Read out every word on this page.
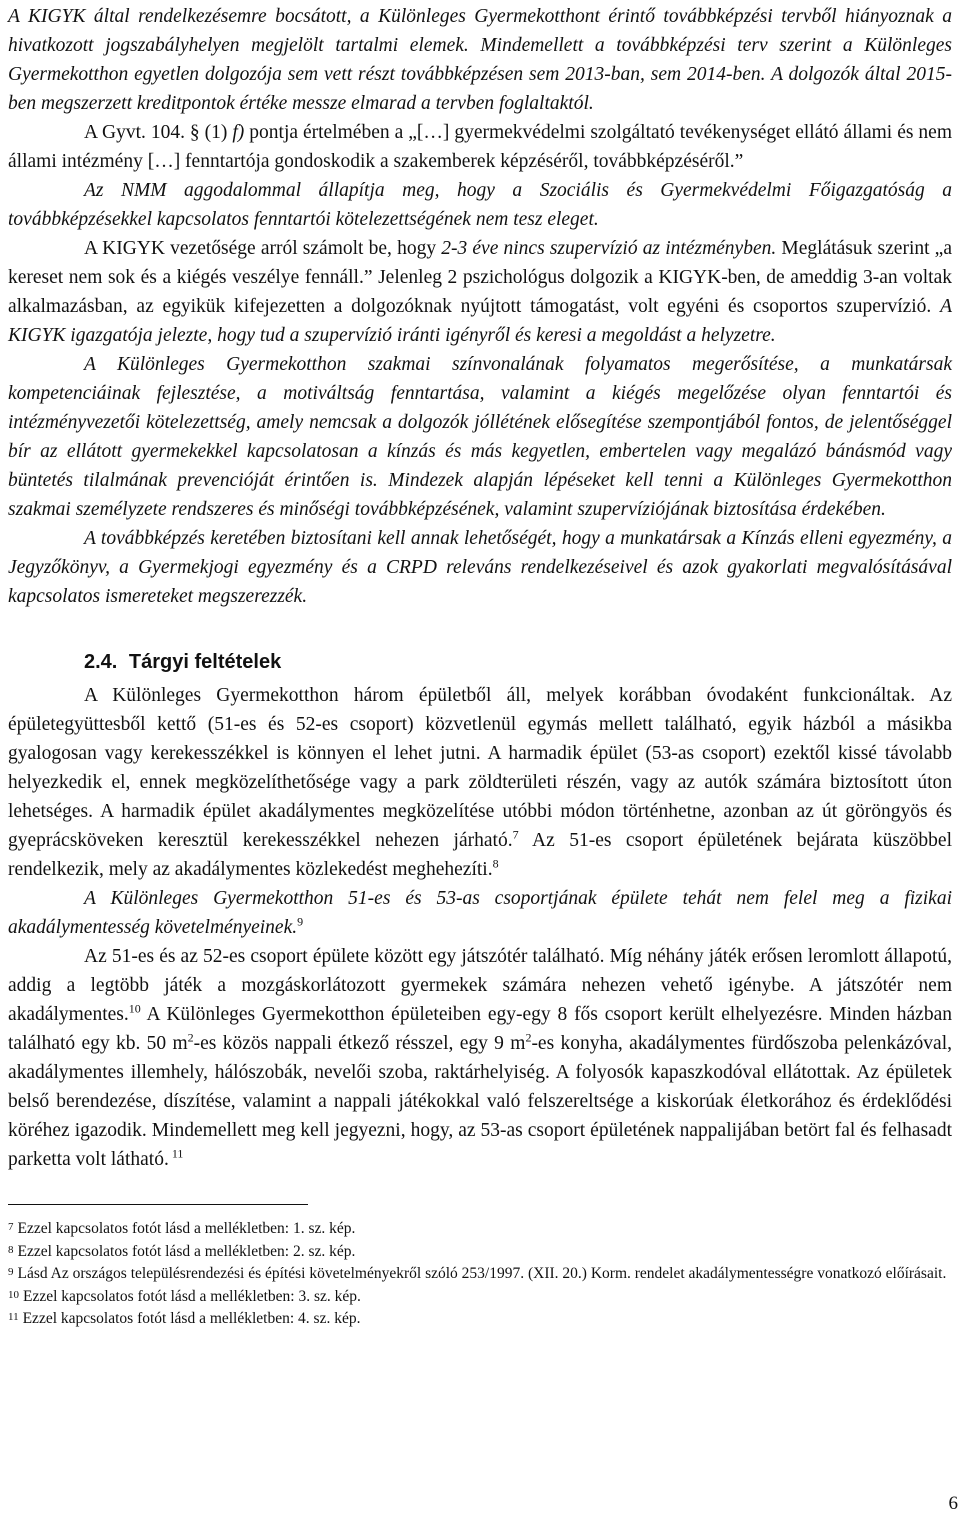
A KIGYK által rendelkezésemre bocsátott, a Különleges Gyermekotthont érintő továbbképzési tervből hiányoznak a hivatkozott jogszabályhelyen megjelölt tartalmi elemek. Mindemellett a továbbképzési terv szerint a Különleges Gyermekotthon egyetlen dolgozója sem vett részt továbbképzésen sem 2013-ban, sem 2014-ben. A dolgozók által 2015-ben megszerzett kreditpontok értéke messze elmarad a tervben foglaltaktól.

A Gyvt. 104. § (1) f) pontja értelmében a „[…] gyermekvédelmi szolgáltató tevékenységet ellátó állami és nem állami intézmény […] fenntartója gondoskodik a szakemberek képzéséről, továbbképzéséről.”

Az NMM aggodalommal állapítja meg, hogy a Szociális és Gyermekvédelmi Főigazgatóság a továbbképzésekkel kapcsolatos fenntartói kötelezettségének nem tesz eleget.

A KIGYK vezetősége arról számolt be, hogy 2-3 éve nincs szupervízió az intézményben. Meglátásuk szerint „a kereset nem sok és a kiégés veszélye fennáll.” Jelenleg 2 pszichológus dolgozik a KIGYK-ben, de ameddig 3-an voltak alkalmazásban, az egyikük kifejezetten a dolgozóknak nyújtott támogatást, volt egyéni és csoportos szupervízió. A KIGYK igazgatója jelezte, hogy tud a szupervízió iránti igényről és keresi a megoldást a helyzetre.

A Különleges Gyermekotthon szakmai színvonalának folyamatos megerősítése, a munkatársak kompetenciáinak fejlesztése, a motiváltság fenntartása, valamint a kiégés megelőzése olyan fenntartói és intézményvezetői kötelezettség, amely nemcsak a dolgozók jóllétének elősegítése szempontjából fontos, de jelentőséggel bír az ellátott gyermekekkel kapcsolatosan a kínzás és más kegyetlen, embertelen vagy megalázó bánásmód vagy büntetés tilalmának prevencióját érintően is. Mindezek alapján lépéseket kell tenni a Különleges Gyermekotthon szakmai személyzete rendszeres és minőségi továbbképzésének, valamint szupervíziójának biztosítása érdekében.

A továbbképzés keretében biztosítani kell annak lehetőségét, hogy a munkatársak a Kínzás elleni egyezmény, a Jegyzőkönyv, a Gyermekjogi egyezmény és a CRPD releváns rendelkezéseivel és azok gyakorlati megvalósításával kapcsolatos ismereteket megszerezzék.

2.4. Tárgyi feltételek

A Különleges Gyermekotthon három épületből áll, melyek korábban óvodaként funkcionáltak. Az épületegyüttesből kettő (51-es és 52-es csoport) közvetlenül egymás mellett található, egyik házból a másikba gyalogosan vagy kerekesszékkel is könnyen el lehet jutni. A harmadik épület (53-as csoport) ezektől kissé távolabb helyezkedik el, ennek megközelíthetősége vagy a park zöldterületi részén, vagy az autók számára biztosított úton lehetséges. A harmadik épület akadálymentes megközelítése utóbbi módon történhetne, azonban az út göröngyös és gyeprácsköveken keresztül kerekesszékkel nehezen járható.$^7$ Az 51-es csoport épületének bejárata küszöbbel rendelkezik, mely az akadálymentes közlekedést meghehezíti.$^8$

A Különleges Gyermekotthon 51-es és 53-as csoportjának épülete tehát nem felel meg a fizikai akadálymentesség követelményeinek.$^9$

Az 51-es és az 52-es csoport épülete között egy játszótér található. Míg néhány játék erősen leromlott állapotú, addig a legtöbb játék a mozgáskorlátozott gyermekek számára nehezen vehető igénybe. A játszótér nem akadálymentes.$^{10}$ A Különleges Gyermekotthon épületeiben egy-egy 8 fős csoport került elhelyezésre. Minden házban található egy kb. 50 $m^2-es$ közös nappali étkező résszel, egy 9 $m^2-es$ konyha, akadálymentes fürdőszoba pelenkázóval, akadálymentes illemhely, hálószobák, nevelői szoba, raktárhelyiség. A folyosók kapaszkodóval ellátottak. Az épületek belső berendezése, díszítése, valamint a nappali játékokkal való felszereltsége a kiskorúak életkorához és érdeklődési köréhez igazodik. Mindemellett meg kell jegyezni, hogy, az 53-as csoport épületének nappalijában betört fal és felhasadt parketta volt látható. $^{11}$

7 Ezzel kapcsolatos fotót lásd a mellékletben: 1. sz. kép.

8 Ezzel kapcsolatos fotót lásd a mellékletben: 2. sz. kép.

9 Lásd Az országos településrendezési és építési követelményekről szóló 253/1997. (XII. 20.) Korm. rendelet akadálymentességre vonatkozó előírásait.

10 Ezzel kapcsolatos fotót lásd a mellékletben: 3. sz. kép.

11 Ezzel kapcsolatos fotót lásd a mellékletben: 4. sz. kép.

6
